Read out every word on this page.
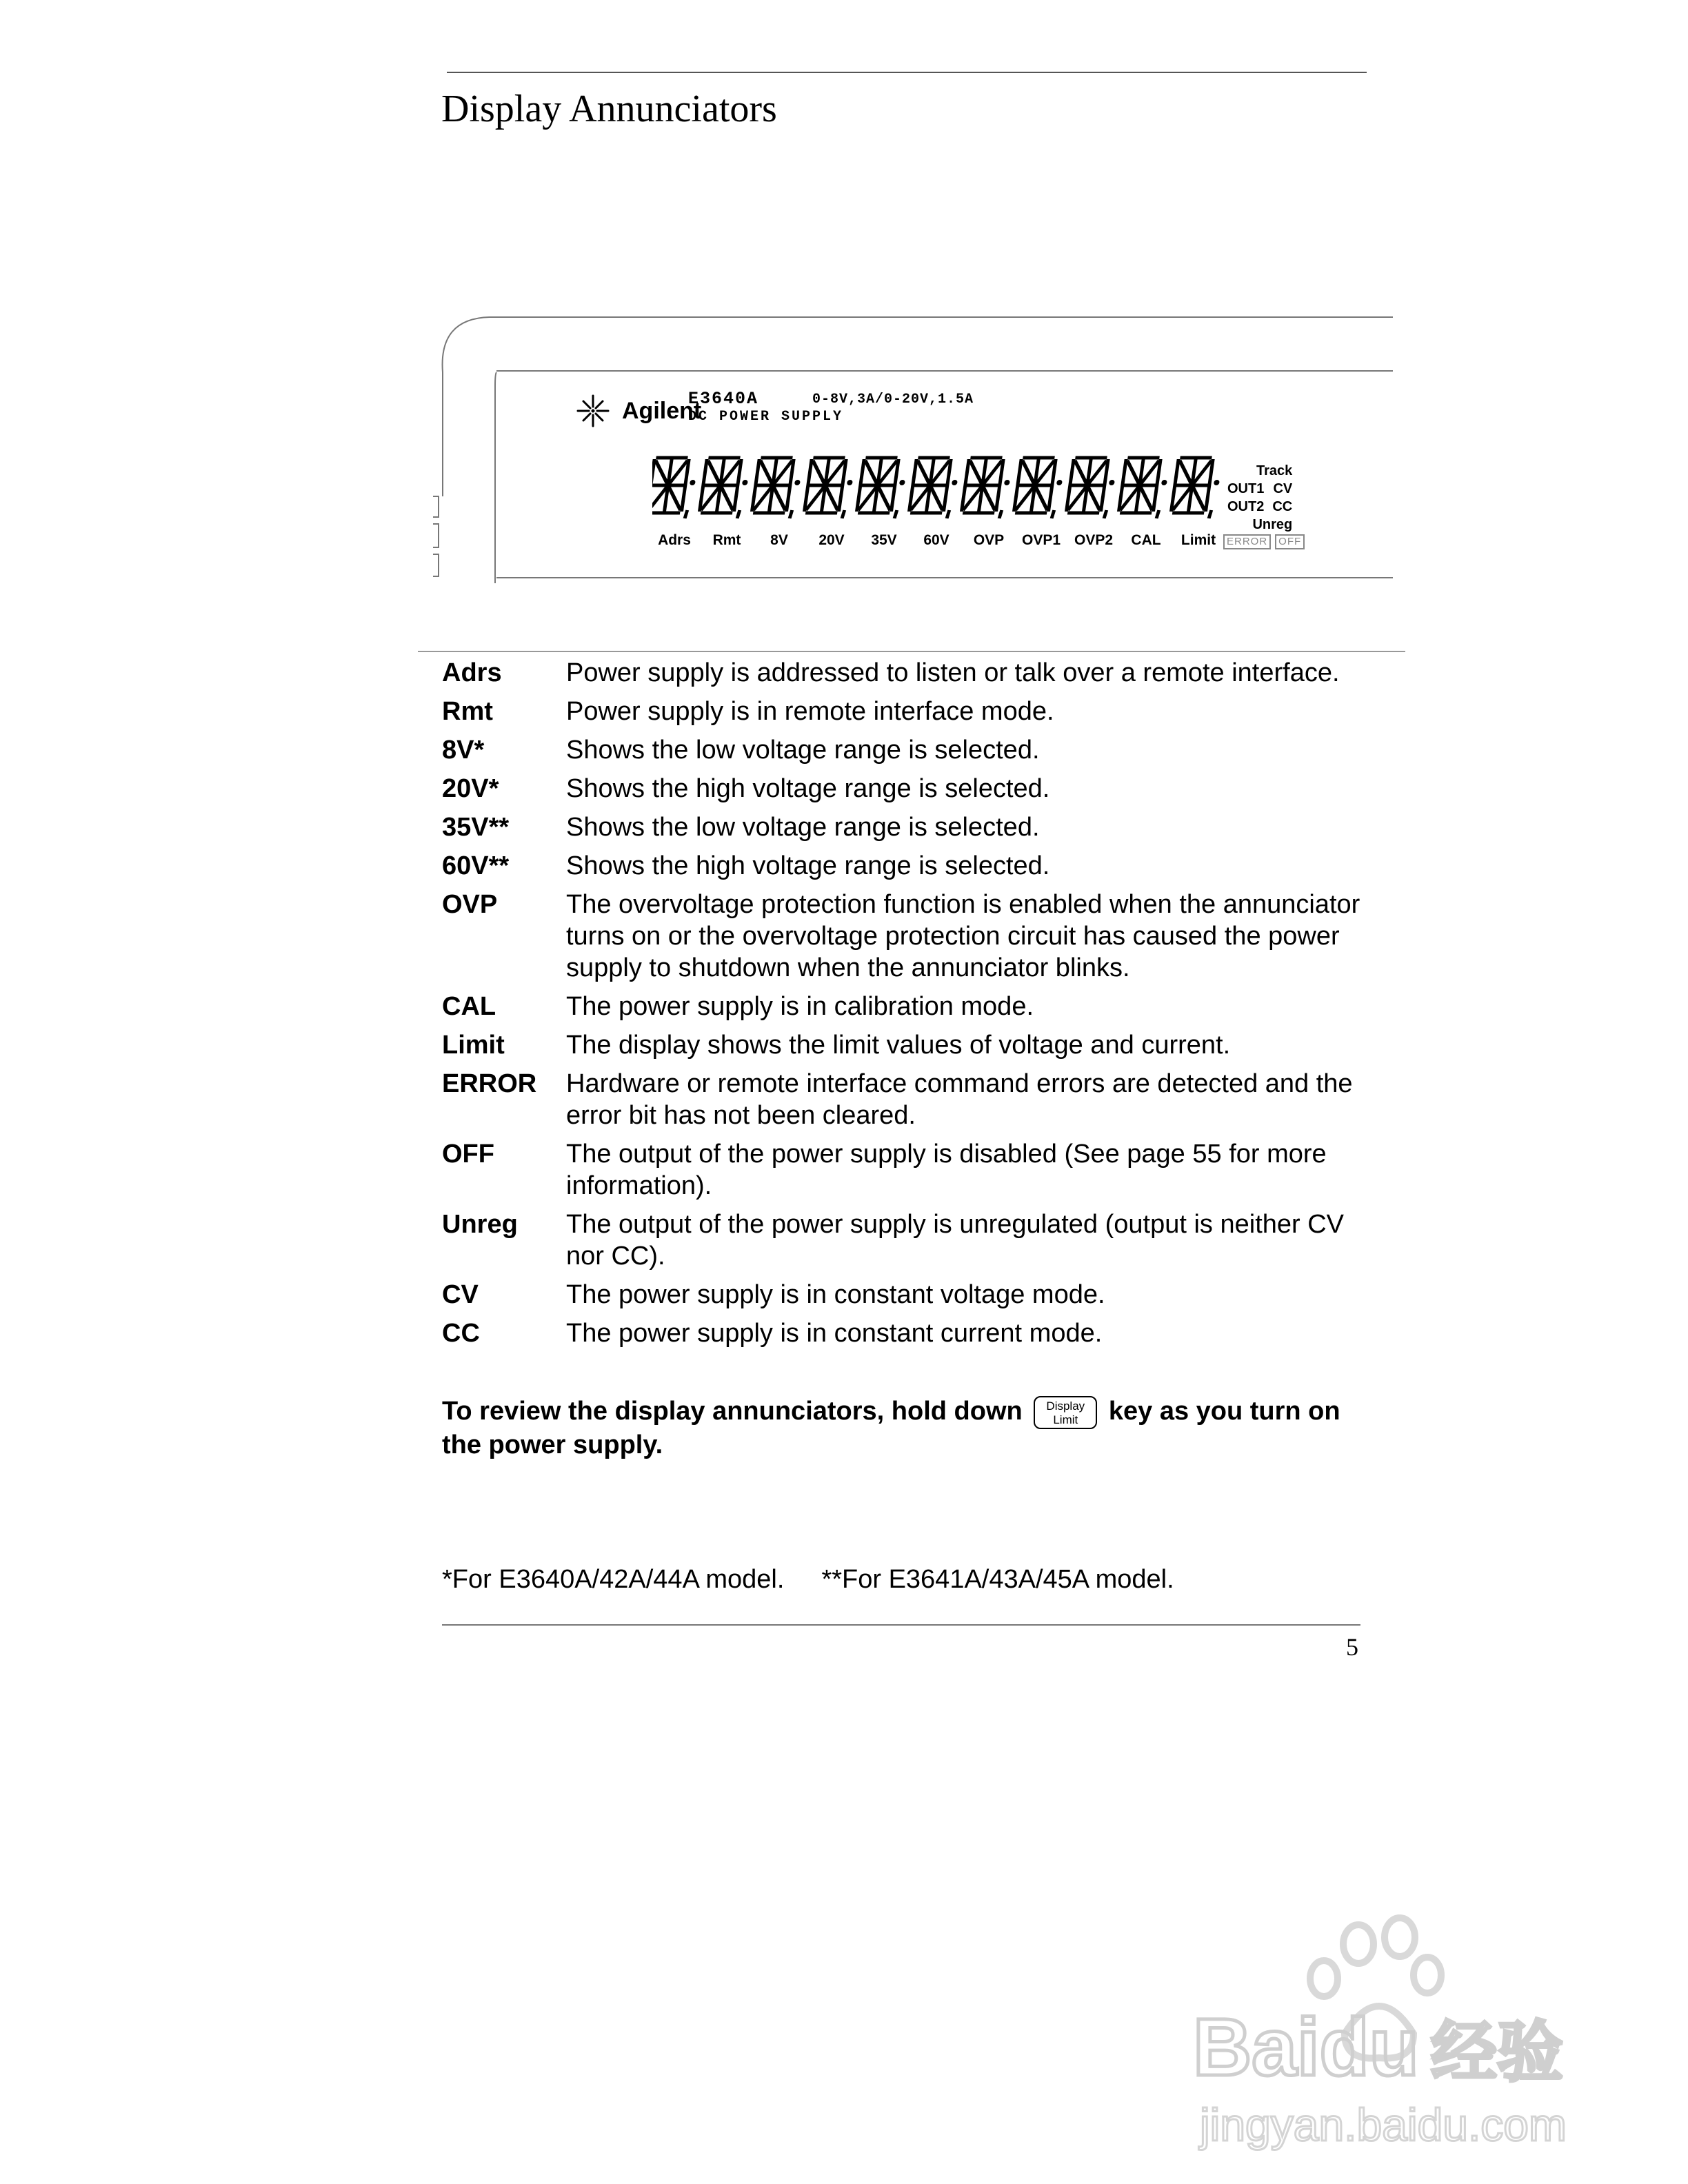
Display Annunciators
Agilent
E3640A
DC POWER SUPPLY
0-8V,3A/0-20V,1.5A
Track
OUT1 CV
OUT2 CC
Unreg
Adrs	Rmt	8V	20V	35V	60V	OVP	OVP1 OVP2	CAL	Limit	ERROR	OFF
Adrs	Power supply is addressed to listen or talk over a remote interface.
Rmt	Power supply is in remote interface mode.
8V*	Shows the low voltage range is selected.
20V*	Shows the high voltage range is selected.
35V**	Shows the low voltage range is selected.
60V**	Shows the high voltage range is selected.
OVP	The overvoltage protection function is enabled when the annunciator turns on or the overvoltage protection circuit has caused the power supply to shutdown when the annunciator blinks.
CAL	The power supply is in calibration mode.
Limit	The display shows the limit values of voltage and current.
ERROR	Hardware or remote interface command errors are detected and the error bit has not been cleared.
OFF	The output of the power supply is disabled (See page 55 for more information).
Unreg	The output of the power supply is unregulated (output is neither CV nor CC).
CV	The power supply is in constant voltage mode.
CC	The power supply is in constant current mode.
To review the display annunciators, hold down	Display
Limit	key as you turn on the power supply.
*For E3640A/42A/44A model. **For E3641A/43A/45A model.
5
Baidu 经验
jingyan.baidu.com
